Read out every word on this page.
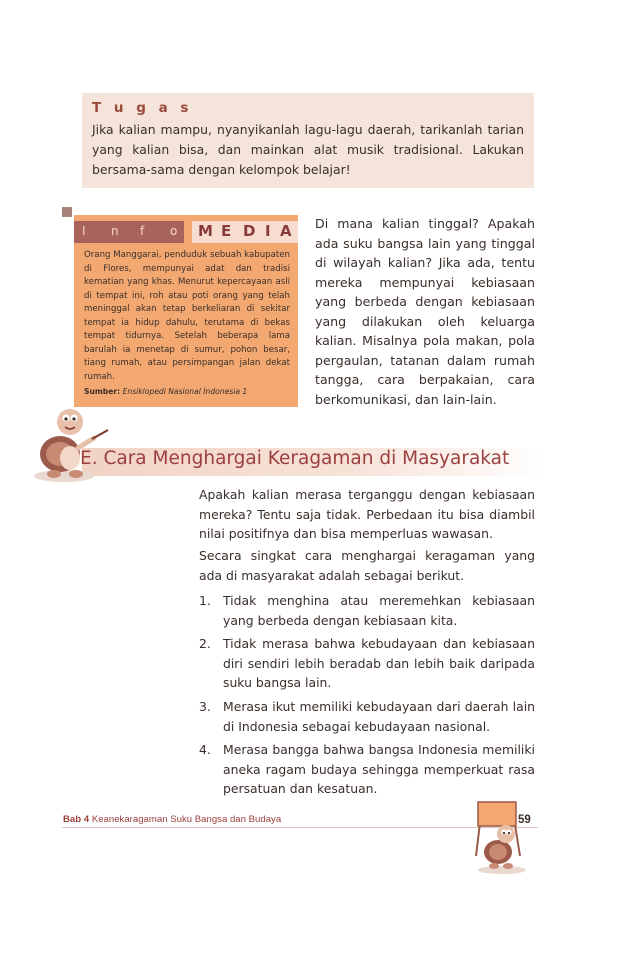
T u g a s
Jika kalian mampu, nyanyikanlah lagu-lagu daerah, tarikanlah tarian yang kalian bisa, dan mainkan alat musik tradisional. Lakukan bersama-sama dengan kelompok belajar!
I n f o M E D I A
Orang Manggarai, penduduk sebuah kabupaten di Flores, mempunyai adat dan tradisi kematian yang khas. Menurut kepercayaan asli di tempat ini, roh atau poti orang yang telah meninggal akan tetap berkeliaran di sekitar tempat ia hidup dahulu, terutama di bekas tempat tidurnya. Setelah beberapa lama barulah ia menetap di sumur, pohon besar, tiang rumah, atau persimpangan jalan dekat rumah.
Sumber: Ensiklopedi Nasional Indonesia 1
Di mana kalian tinggal? Apakah ada suku bangsa lain yang tinggal di wilayah kalian? Jika ada, tentu mereka mempunyai kebiasaan yang berbeda dengan kebiasaan yang dilakukan oleh keluarga kalian. Misalnya pola makan, pola pergaulan, tatanan dalam rumah tangga, cara berpakaian, cara berkomunikasi, dan lain-lain.
E. Cara Menghargai Keragaman di Masyarakat
Apakah kalian merasa terganggu dengan kebiasaan mereka? Tentu saja tidak. Perbedaan itu bisa diambil nilai positifnya dan bisa memperluas wawasan.
Secara singkat cara menghargai keragaman yang ada di masyarakat adalah sebagai berikut.
1. Tidak menghina atau meremehkan kebiasaan yang berbeda dengan kebiasaan kita.
2. Tidak merasa bahwa kebudayaan dan kebiasaan diri sendiri lebih beradab dan lebih baik daripada suku bangsa lain.
3. Merasa ikut memiliki kebudayaan dari daerah lain di Indonesia sebagai kebudayaan nasional.
4. Merasa bangga bahwa bangsa Indonesia memiliki aneka ragam budaya sehingga memperkuat rasa persatuan dan kesatuan.
Bab 4 Keanekaragaman Suku Bangsa dan Budaya	59
